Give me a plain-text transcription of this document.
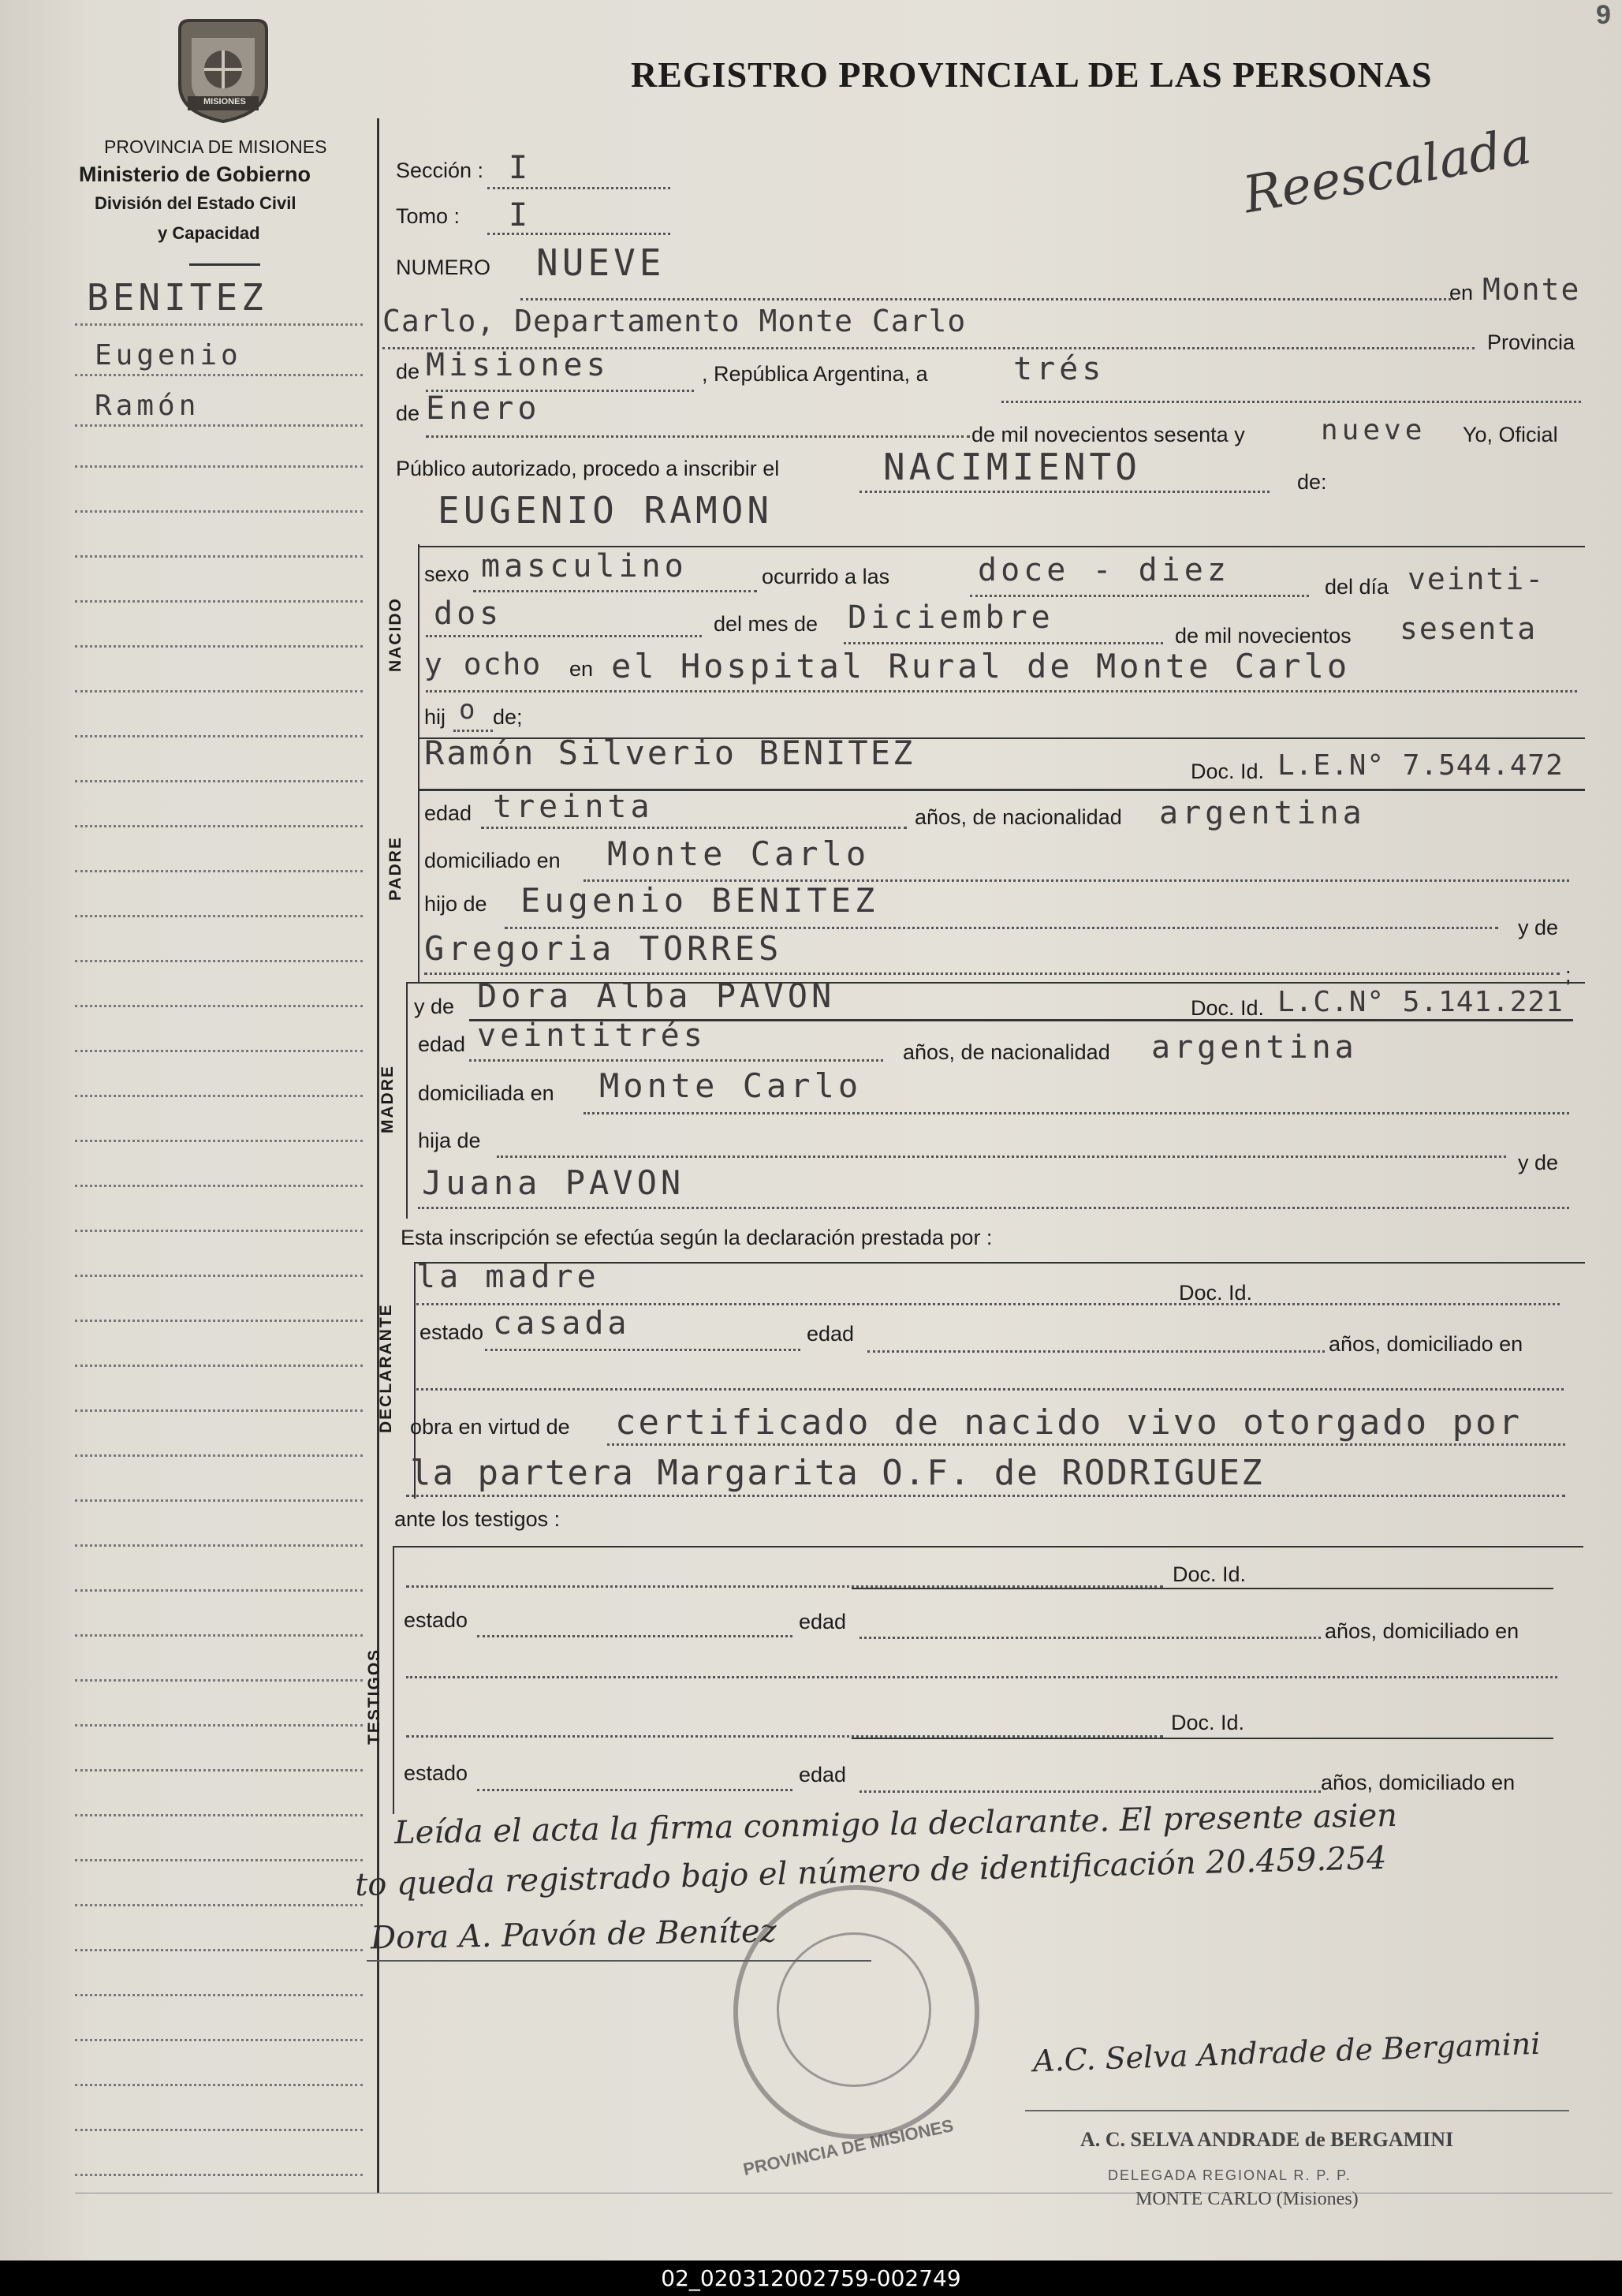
MISIONES
PROVINCIA DE MISIONES
Ministerio de Gobierno
División del Estado Civil
y Capacidad
REGISTRO PROVINCIAL DE LAS PERSONAS
9
Reescalada
BENITEZ
Eugenio
Ramón
Sección : I
Tomo : I
NUMERO NUEVE
en Monte
Carlo, Departamento Monte Carlo
Provincia
de Misiones	, República Argentina, a	trés
de Enero
de mil novecientos sesenta y	nueve Yo, Oficial
Público autorizado, procedo a inscribir el	NACIMIENTO	de:
EUGENIO RAMON
NACIDO
sexo masculino	ocurrido a las	doce - diez	del día veinti-
dos	del mes de Diciembre	de mil novecientos sesenta
y ocho en el Hospital Rural de Monte Carlo
hij o de;
PADRE
Ramón Silverio BENITEZ	Doc. Id. L.E.N° 7.544.472
edad treinta	años, de nacionalidad argentina
domiciliado en Monte Carlo
hijo de Eugenio BENITEZ
y de
Gregoria TORRES
;
MADRE
y de Dora Alba PAVON	Doc. Id. L.C.N° 5.141.221
edad veintitrés	años, de nacionalidad argentina
domiciliada en Monte Carlo
hija de
y de
Juana PAVON
Esta inscripción se efectúa según la declaración prestada por :
DECLARANTE
la madre	Doc. Id.
estado casada	edad	años, domiciliado en
obra en virtud de certificado de nacido vivo otorgado por
la partera Margarita O.F. de RODRIGUEZ
ante los testigos :
TESTIGOS
Doc. Id.
estado	edad	años, domiciliado en
Doc. Id.
estado	edad	años, domiciliado en
Leída el acta la firma conmigo la declarante. El presente asien
to queda registrado bajo el número de identificación 20.459.254
Dora A. Pavón de Benítez
PROVINCIA DE MISIONES
A.C. Selva Andrade de Bergamini
A. C. SELVA ANDRADE de BERGAMINI
DELEGADA REGIONAL R. P. P.
MONTE CARLO (Misiones)
02_020312002759-002749
